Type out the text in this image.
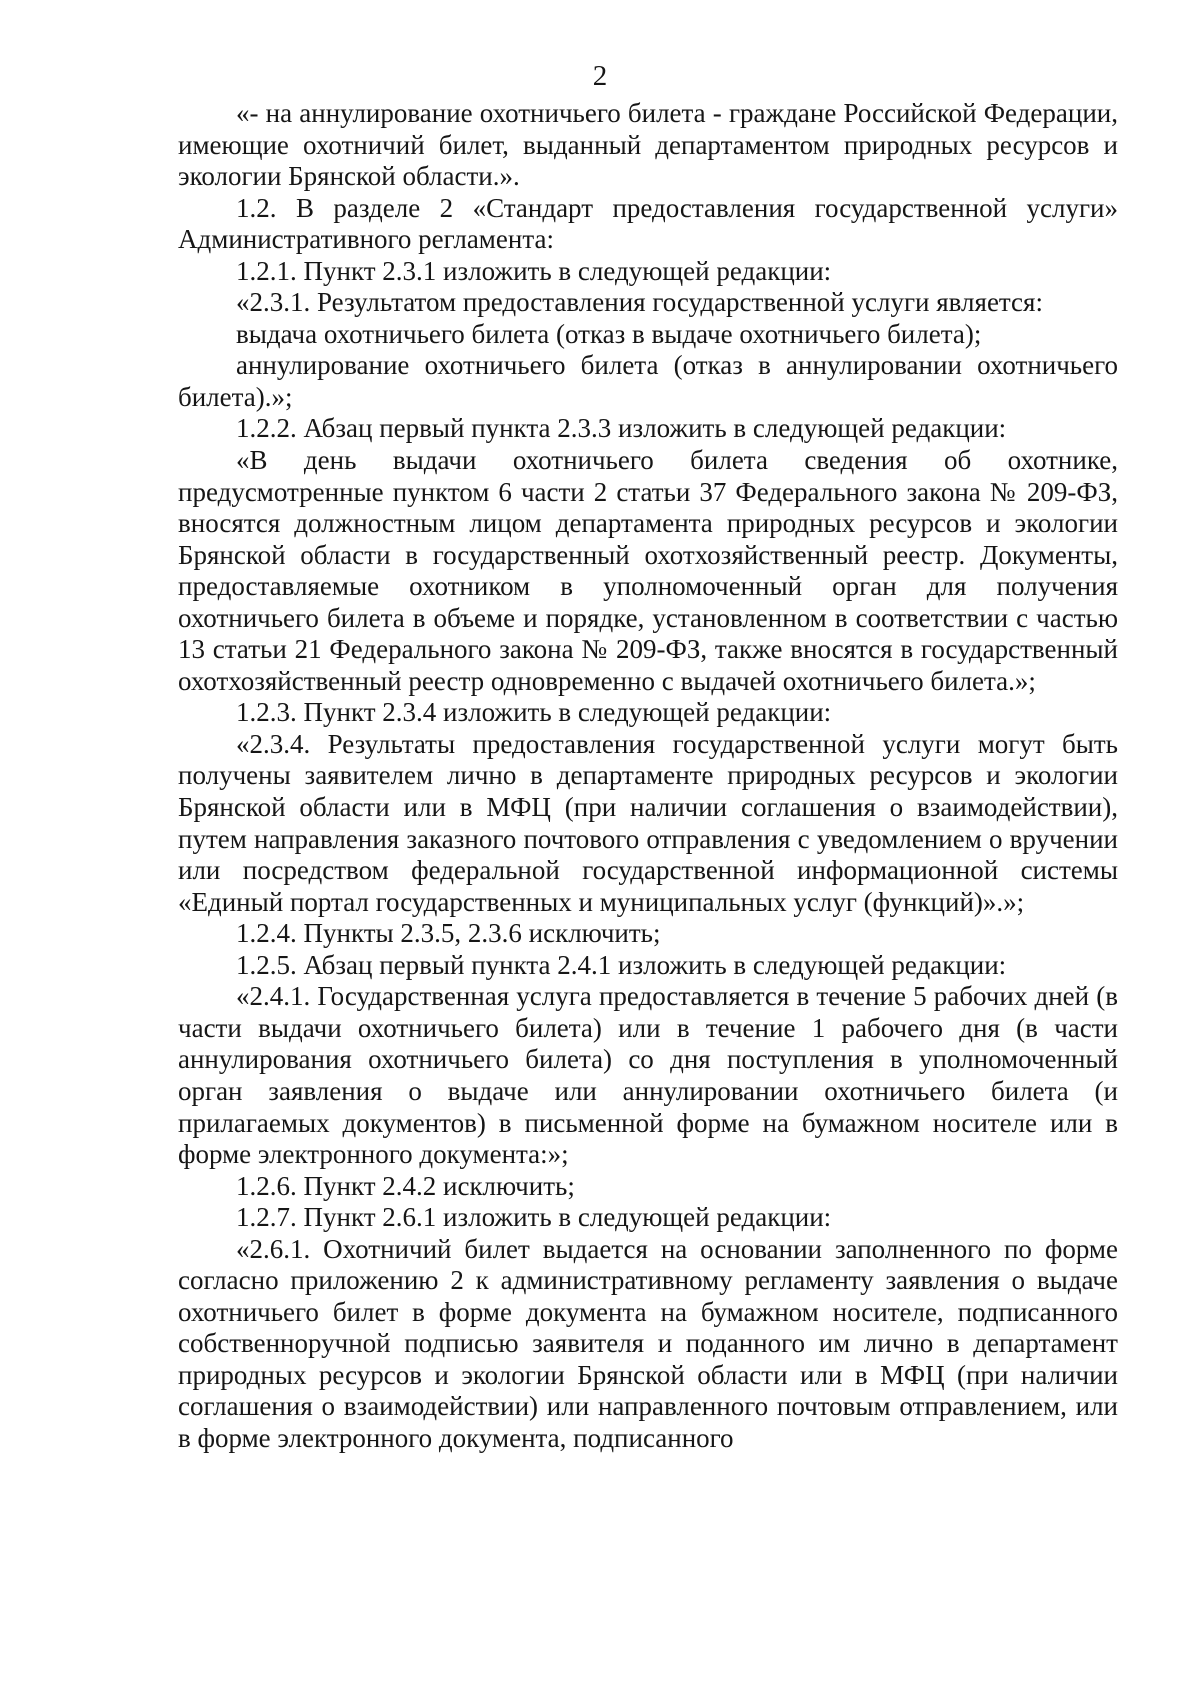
2

«- на аннулирование охотничьего билета - граждане Российской Федерации, имеющие охотничий билет, выданный департаментом природных ресурсов и экологии Брянской области.».

1.2. В разделе 2 «Стандарт предоставления государственной услуги» Административного регламента:

1.2.1. Пункт 2.3.1 изложить в следующей редакции:

«2.3.1. Результатом предоставления государственной услуги является:

выдача охотничьего билета (отказ в выдаче охотничьего билета);

аннулирование охотничьего билета (отказ в аннулировании охотничьего билета).»;

1.2.2. Абзац первый пункта 2.3.3 изложить в следующей редакции:

«В день выдачи охотничьего билета сведения об охотнике, предусмотренные пунктом 6 части 2 статьи 37 Федерального закона № 209-ФЗ, вносятся должностным лицом департамента природных ресурсов и экологии Брянской области в государственный охотхозяйственный реестр. Документы, предоставляемые охотником в уполномоченный орган для получения охотничьего билета в объеме и порядке, установленном в соответствии с частью 13 статьи 21 Федерального закона № 209-ФЗ, также вносятся в государственный охотхозяйственный реестр одновременно с выдачей охотничьего билета.»;

1.2.3. Пункт 2.3.4 изложить в следующей редакции:

«2.3.4. Результаты предоставления государственной услуги могут быть получены заявителем лично в департаменте природных ресурсов и экологии Брянской области или в МФЦ (при наличии соглашения о взаимодействии), путем направления заказного почтового отправления с уведомлением о вручении или посредством федеральной государственной информационной системы «Единый портал государственных и муниципальных услуг (функций)».»;

1.2.4. Пункты 2.3.5, 2.3.6 исключить;

1.2.5. Абзац первый пункта 2.4.1 изложить в следующей редакции:

«2.4.1. Государственная услуга предоставляется в течение 5 рабочих дней (в части выдачи охотничьего билета) или в течение 1 рабочего дня (в части аннулирования охотничьего билета) со дня поступления в уполномоченный орган заявления о выдаче или аннулировании охотничьего билета (и прилагаемых документов) в письменной форме на бумажном носителе или в форме электронного документа:»;

1.2.6. Пункт 2.4.2 исключить;

1.2.7. Пункт 2.6.1 изложить в следующей редакции:

«2.6.1. Охотничий билет выдается на основании заполненного по форме согласно приложению 2 к административному регламенту заявления о выдаче охотничьего билет в форме документа на бумажном носителе, подписанного собственноручной подписью заявителя и поданного им лично в департамент природных ресурсов и экологии Брянской области или в МФЦ (при наличии соглашения о взаимодействии) или направленного почтовым отправлением, или в форме электронного документа, подписанного
